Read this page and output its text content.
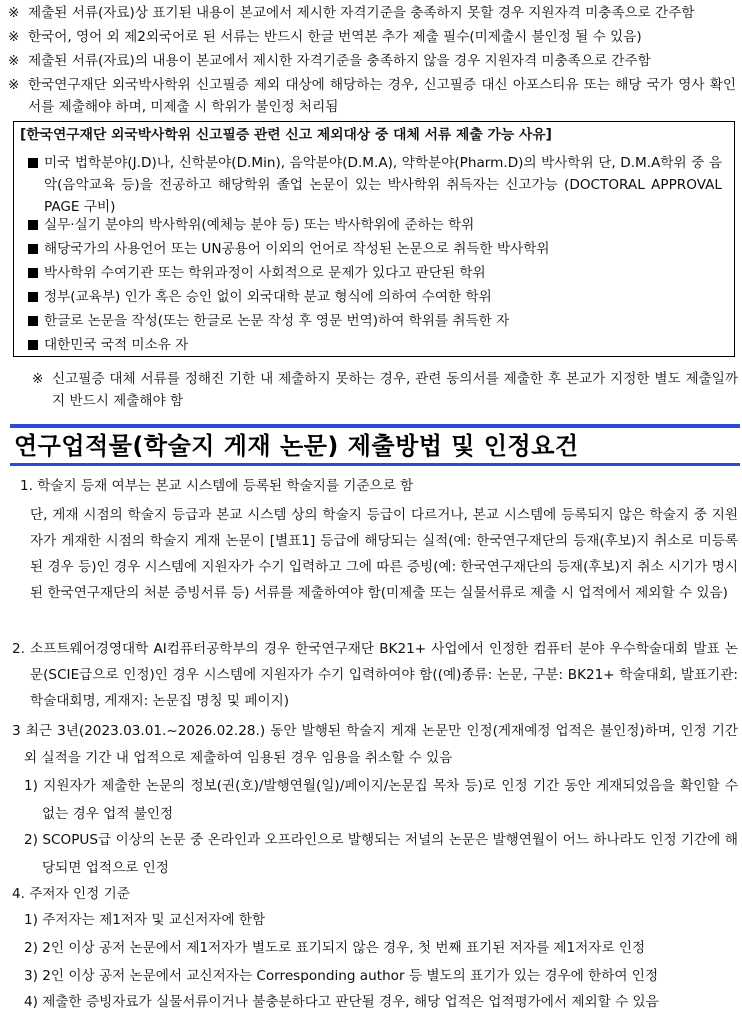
※ 제출된 서류(자료)상 표기된 내용이 본교에서 제시한 자격기준을 충족하지 못할 경우 지원자격 미충족으로 간주함
※ 한국어, 영어 외 제2외국어로 된 서류는 반드시 한글 번역본 추가 제출 필수(미제출시 불인정 될 수 있음)
※ 제출된 서류(자료)의 내용이 본교에서 제시한 자격기준을 충족하지 않을 경우 지원자격 미충족으로 간주함
※ 한국연구재단 외국박사학위 신고필증 제외 대상에 해당하는 경우, 신고필증 대신 아포스티유 또는 해당 국가 영사 확인서를 제출해야 하며, 미제출 시 학위가 불인정 처리됨
[한국연구재단 외국박사학위 신고필증 관련 신고 제외대상 중 대체 서류 제출 가능 사유]
미국 법학분야(J.D)나, 신학분야(D.Min), 음악분야(D.M.A), 약학분야(Pharm.D)의 박사학위 단, D.M.A학위 중 음악(음악교육 등)을 전공하고 해당학위 졸업 논문이 있는 박사학위 취득자는 신고가능 (DOCTORAL APPROVAL PAGE 구비)
실무·실기 분야의 박사학위(예체능 분야 등) 또는 박사학위에 준하는 학위
해당국가의 사용언어 또는 UN공용어 이외의 언어로 작성된 논문으로 취득한 박사학위
박사학위 수여기관 또는 학위과정이 사회적으로 문제가 있다고 판단된 학위
정부(교육부) 인가 혹은 승인 없이 외국대학 분교 형식에 의하여 수여한 학위
한글로 논문을 작성(또는 한글로 논문 작성 후 영문 번역)하여 학위를 취득한 자
대한민국 국적 미소유 자
※ 신고필증 대체 서류를 정해진 기한 내 제출하지 못하는 경우, 관련 동의서를 제출한 후 본교가 지정한 별도 제출일까지 반드시 제출해야 함
연구업적물(학술지 게재 논문) 제출방법 및 인정요건
1. 학술지 등재 여부는 본교 시스템에 등록된 학술지를 기준으로 함
단, 게재 시점의 학술지 등급과 본교 시스템 상의 학술지 등급이 다르거나, 본교 시스템에 등록되지 않은 학술지 중 지원자가 게재한 시점의 학술지 게재 논문이 [별표1] 등급에 해당되는 실적(예: 한국연구재단의 등재(후보)지 취소로 미등록된 경우 등)인 경우 시스템에 지원자가 수기 입력하고 그에 따른 증빙(예: 한국연구재단의 등재(후보)지 취소 시기가 명시된 한국연구재단의 처분 증빙서류 등) 서류를 제출하여야 함(미제출 또는 실물서류로 제출 시 업적에서 제외할 수 있음)
2. 소프트웨어경영대학 AI컴퓨터공학부의 경우 한국연구재단 BK21+ 사업에서 인정한 컴퓨터 분야 우수학술대회 발표 논문(SCIE급으로 인정)인 경우 시스템에 지원자가 수기 입력하여야 함((예)종류: 논문, 구분: BK21+ 학술대회, 발표기관: 학술대회명, 게재지: 논문집 명칭 및 페이지)
3 최근 3년(2023.03.01.~2026.02.28.) 동안 발행된 학술지 게재 논문만 인정(게재예정 업적은 불인정)하며, 인정 기간 외 실적을 기간 내 업적으로 제출하여 임용된 경우 임용을 취소할 수 있음
1) 지원자가 제출한 논문의 정보(권(호)/발행연월(일)/페이지/논문집 목차 등)로 인정 기간 동안 게재되었음을 확인할 수 없는 경우 업적 불인정
2) SCOPUS급 이상의 논문 중 온라인과 오프라인으로 발행되는 저널의 논문은 발행연월이 어느 하나라도 인정 기간에 해당되면 업적으로 인정
4. 주저자 인정 기준
1) 주저자는 제1저자 및 교신저자에 한함
2) 2인 이상 공저 논문에서 제1저자가 별도로 표기되지 않은 경우, 첫 번째 표기된 저자를 제1저자로 인정
3) 2인 이상 공저 논문에서 교신저자는 Corresponding author 등 별도의 표기가 있는 경우에 한하여 인정
4) 제출한 증빙자료가 실물서류이거나 불충분하다고 판단될 경우, 해당 업적은 업적평가에서 제외할 수 있음
